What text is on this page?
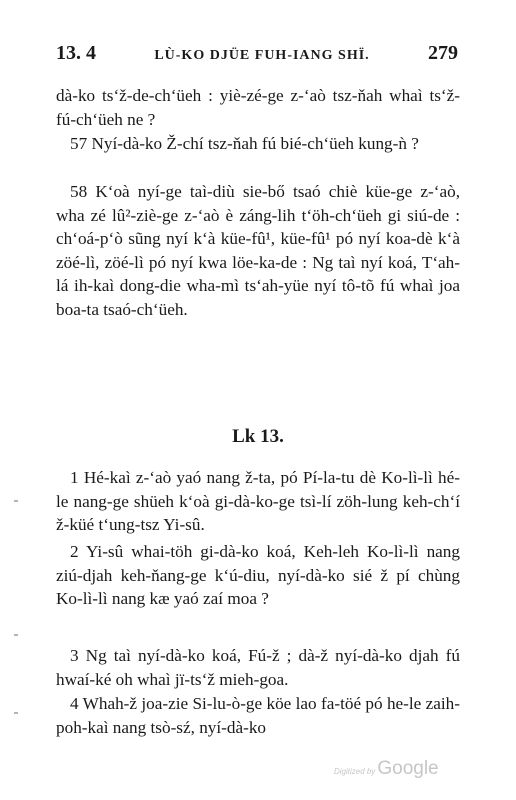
13. 4	LÙ-KO DJÜE FUH-IANG SHÏ.	279
dà-ko ts‘ž-de-ch‘üeh : yiè-zé-ge z-‘aò tsz-ňah whaì ts‘ž-fú-ch‘üeh ne ?
57 Nyí-dà-ko Ž-chí tsz-ňah fú bié-ch‘üeh kung-ǹ ?
58 K‘oà nyí-ge taì-diù sie-bő tsaó chiè küe-ge z-‘aò, wha zé lû²-ziè-ge z-‘aò è záng-lih t‘öh-ch‘üeh gi siú-de : ch‘oá-p‘ò sũng nyí k‘à küe-fû¹, küe-fû¹ pó nyí koa-dè k‘à zöé-lì, zöé-lì pó nyí kwa löe-ka-de : Ng taì nyí koá, T‘ah-lá ih-kaì dong-die wha-mì ts‘ah-yüe nyí tô-tõ fú whaì joa boa-ta tsaó-ch‘üeh.
Lk 13.
1 Hé-kaì z-‘aò yaó nang ž-ta, pó Pí-la-tu dè Ko-lì-lì hé-le nang-ge shüeh k‘oà gi-dà-ko-ge tsì-lí zöh-lung keh-ch‘í ž-küé t‘ung-tsz Yi-sû.
2 Yi-sû whai-töh gi-dà-ko koá, Keh-leh Ko-lì-lì nang ziú-djah keh-ňang-ge k‘ú-diu, nyí-dà-ko sié ž pí chùng Ko-lì-lì nang kæ yaó zaí moa ?
3 Ng taì nyí-dà-ko koá, Fú-ž ; dà-ž nyí-dà-ko djah fú hwaí-ké oh whaì jï-ts‘ž mieh-goa.
4 Whah-ž joa-zie Si-lu-ò-ge köe lao fa-töé pó he-le zaih-poh-kaì nang tsò-sź, nyí-dà-ko
Digitized by Google
